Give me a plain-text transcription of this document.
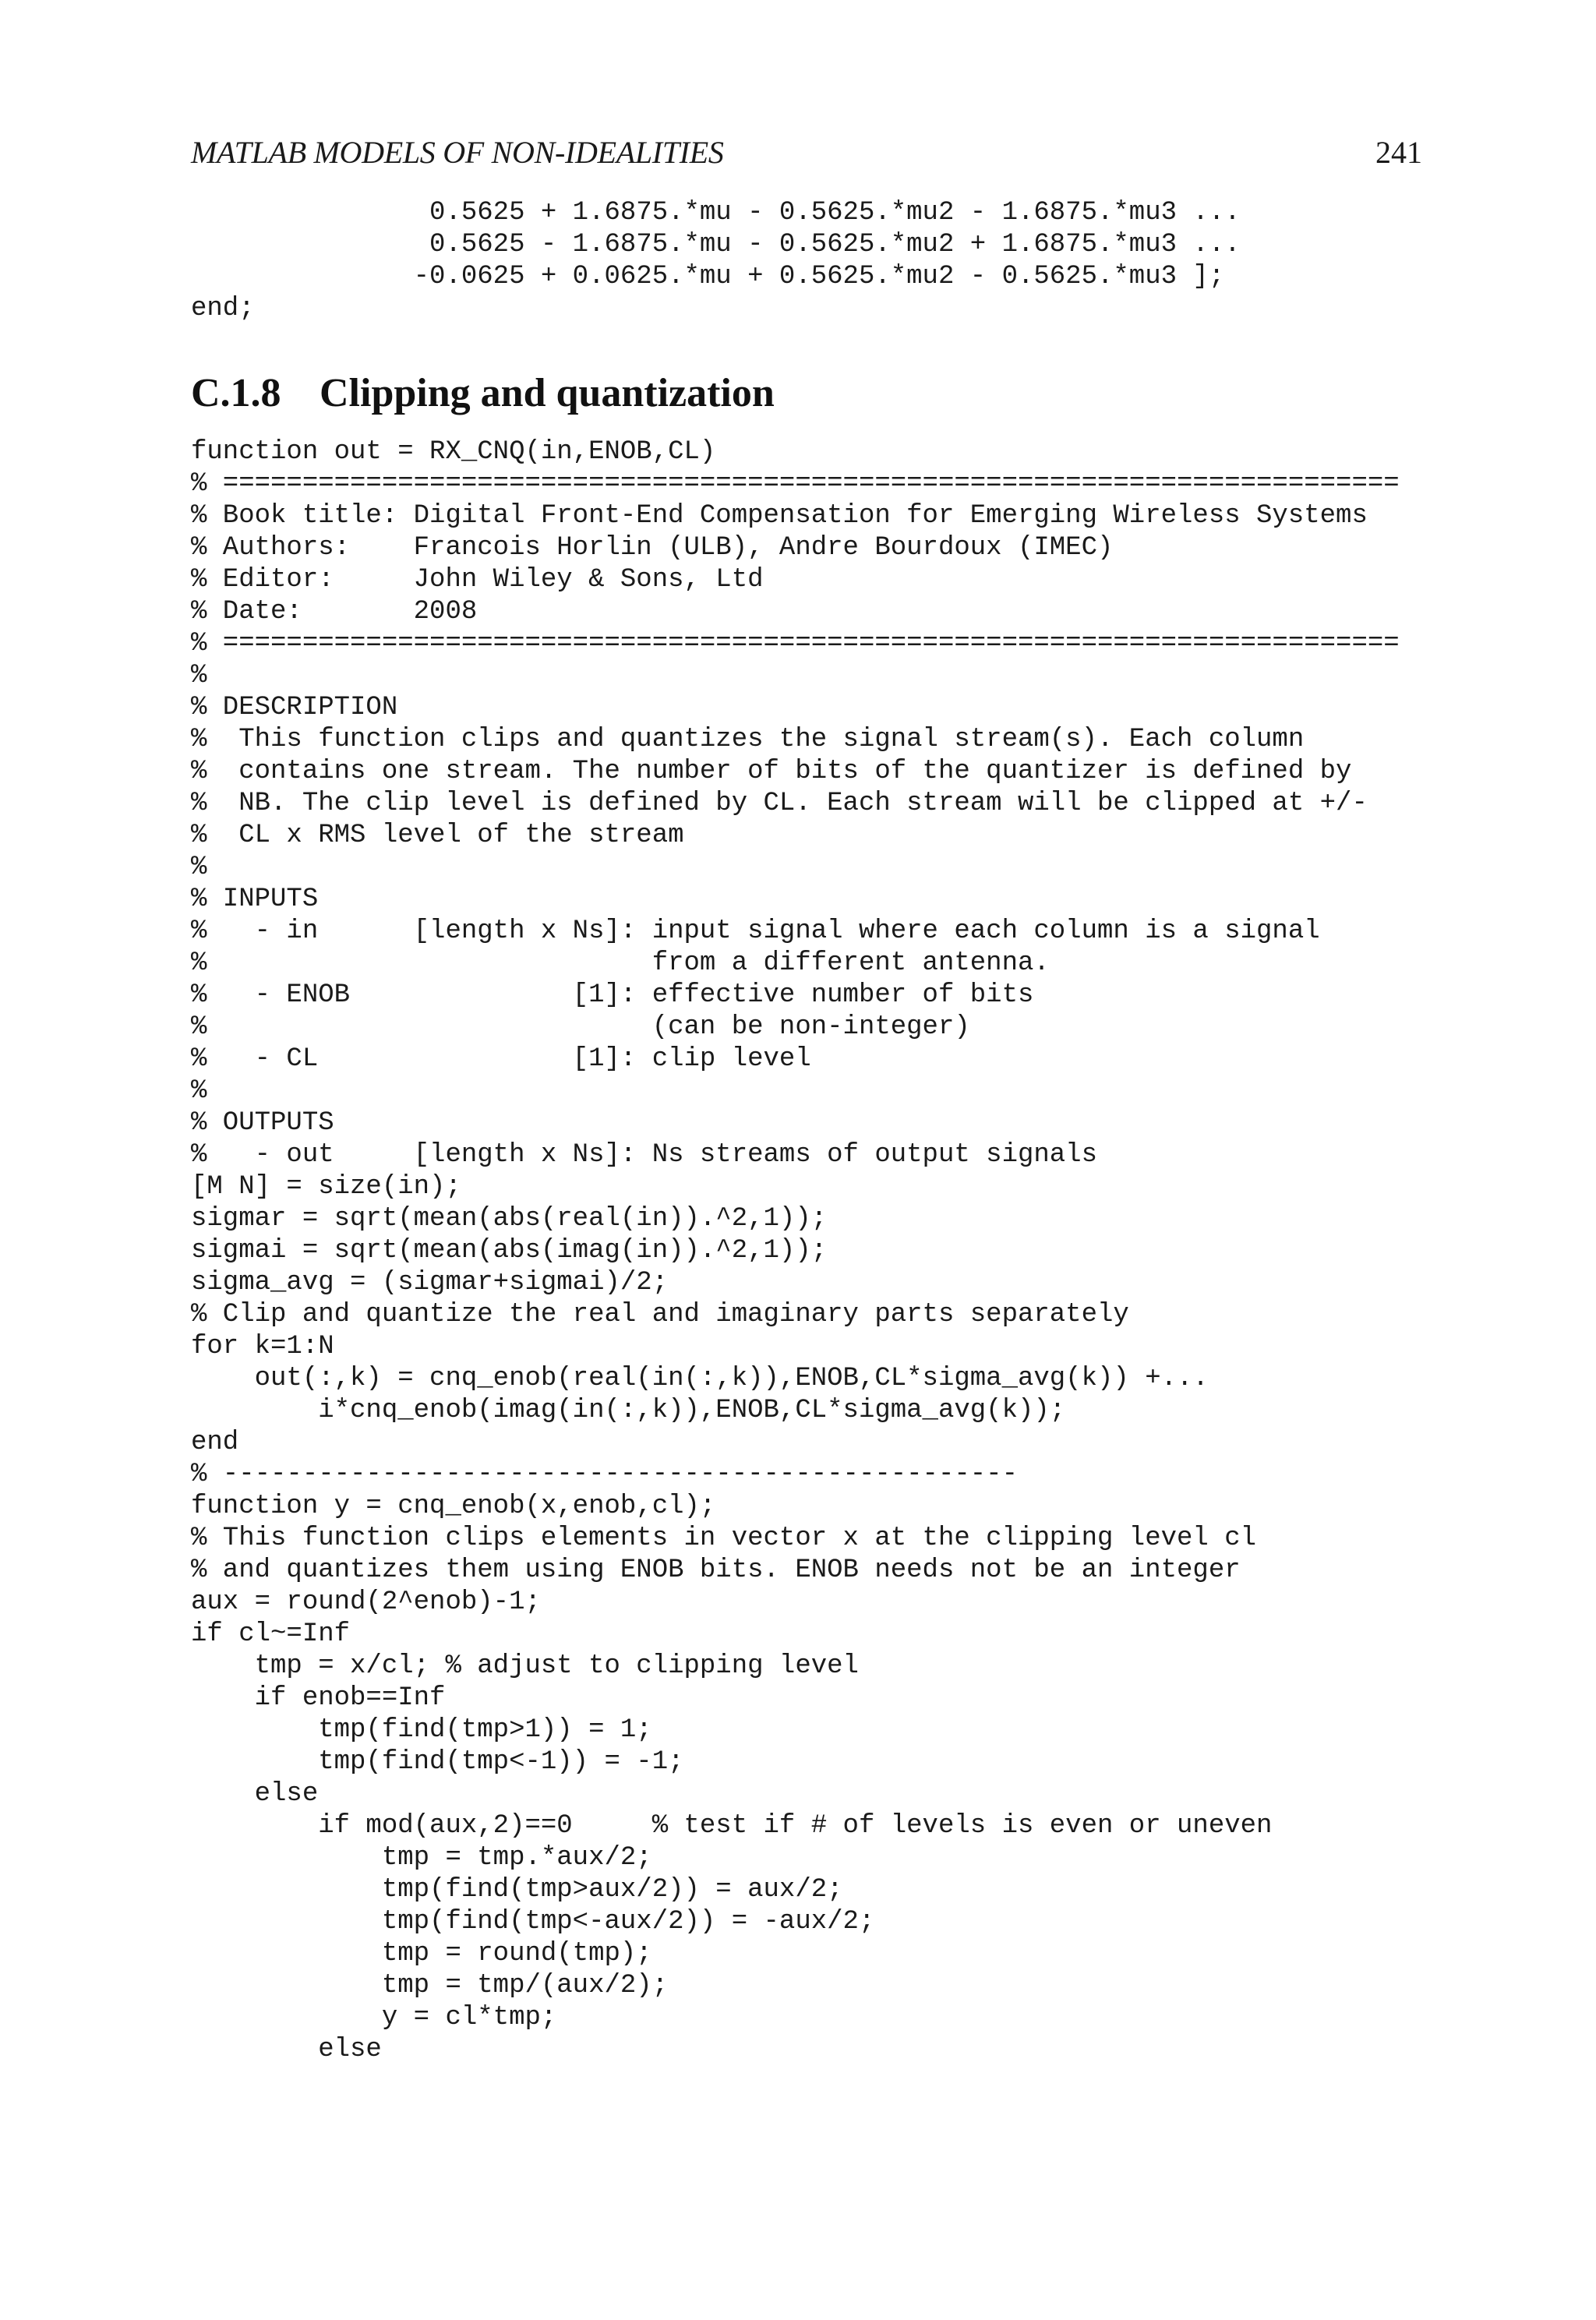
MATLAB MODELS OF NON-IDEALITIES	241
0.5625 + 1.6875.*mu - 0.5625.*mu2 - 1.6875.*mu3 ...
0.5625 - 1.6875.*mu - 0.5625.*mu2 + 1.6875.*mu3 ...
-0.0625 + 0.0625.*mu + 0.5625.*mu2 - 0.5625.*mu3 ];
end;
C.1.8 Clipping and quantization
function out = RX_CNQ(in,ENOB,CL)
% ==========================================================================
% Book title: Digital Front-End Compensation for Emerging Wireless Systems
% Authors:    Francois Horlin (ULB), Andre Bourdoux (IMEC)
% Editor:     John Wiley & Sons, Ltd
% Date:       2008
% ==========================================================================
%
% DESCRIPTION
%  This function clips and quantizes the signal stream(s). Each column
%  contains one stream. The number of bits of the quantizer is defined by
%  NB. The clip level is defined by CL. Each stream will be clipped at +/-
%  CL x RMS level of the stream
%
% INPUTS
%   - in      [length x Ns]: input signal where each column is a signal
%                            from a different antenna.
%   - ENOB              [1]: effective number of bits
%                            (can be non-integer)
%   - CL                [1]: clip level
%
% OUTPUTS
%   - out     [length x Ns]: Ns streams of output signals
[M N] = size(in);
sigmar = sqrt(mean(abs(real(in)).^2,1));
sigmai = sqrt(mean(abs(imag(in)).^2,1));
sigma_avg = (sigmar+sigmai)/2;
% Clip and quantize the real and imaginary parts separately
for k=1:N
out(:,k) = cnq_enob(real(in(:,k)),ENOB,CL*sigma_avg(k)) +...
i*cnq_enob(imag(in(:,k)),ENOB,CL*sigma_avg(k));
end
% --------------------------------------------------
function y = cnq_enob(x,enob,cl);
% This function clips elements in vector x at the clipping level cl
% and quantizes them using ENOB bits. ENOB needs not be an integer
aux = round(2^enob)-1;
if cl~=Inf
tmp = x/cl; % adjust to clipping level
if enob==Inf
tmp(find(tmp>1)) = 1;
tmp(find(tmp<-1)) = -1;
else
if mod(aux,2)==0     % test if # of levels is even or uneven
tmp = tmp.*aux/2;
tmp(find(tmp>aux/2)) = aux/2;
tmp(find(tmp<-aux/2)) = -aux/2;
tmp = round(tmp);
tmp = tmp/(aux/2);
y = cl*tmp;
else
